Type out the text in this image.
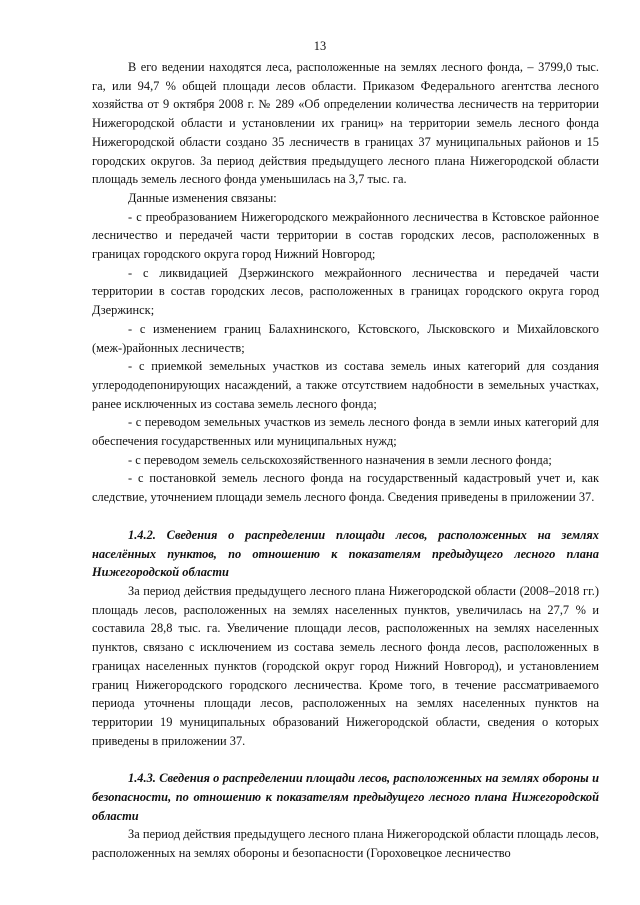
13

В его ведении находятся леса, расположенные на землях лесного фонда, – 3799,0 тыс. га, или 94,7 % общей площади лесов области. Приказом Федерального агентства лесного хозяйства от 9 октября 2008 г. № 289 «Об определении количества лесничеств на территории Нижегородской области и установлении их границ» на территории земель лесного фонда Нижегородской области создано 35 лесничеств в границах 37 муниципальных районов и 15 городских округов. За период действия предыдущего лесного плана Нижегородской области площадь земель лесного фонда уменьшилась на 3,7 тыс. га.

Данные изменения связаны:

- с преобразованием Нижегородского межрайонного лесничества в Кстовское районное лесничество и передачей части территории в состав городских лесов, расположенных в границах городского округа город Нижний Новгород;

- с ликвидацией Дзержинского межрайонного лесничества и передачей части территории в состав городских лесов, расположенных в границах городского округа город Дзержинск;

- с изменением границ Балахнинского, Кстовского, Лысковского и Михайловского (меж-)районных лесничеств;

- с приемкой земельных участков из состава земель иных категорий для создания углерододепонирующих насаждений, а также отсутствием надобности в земельных участках, ранее исключенных из состава земель лесного фонда;

- с переводом земельных участков из земель лесного фонда в земли иных категорий для обеспечения государственных или муниципальных нужд;

- с переводом земель сельскохозяйственного назначения в земли лесного фонда;

- с постановкой земель лесного фонда на государственный кадастровый учет и, как следствие, уточнением площади земель лесного фонда. Сведения приведены в приложении 37.

1.4.2. Сведения о распределении площади лесов, расположенных на землях населённых пунктов, по отношению к показателям предыдущего лесного плана Нижегородской области

За период действия предыдущего лесного плана Нижегородской области (2008–2018 гг.) площадь лесов, расположенных на землях населенных пунктов, увеличилась на 27,7 % и составила 28,8 тыс. га. Увеличение площади лесов, расположенных на землях населенных пунктов, связано с исключением из состава земель лесного фонда лесов, расположенных в границах населенных пунктов (городской округ город Нижний Новгород), и установлением границ Нижегородского городского лесничества. Кроме того, в течение рассматриваемого периода уточнены площади лесов, расположенных на землях населенных пунктов на территории 19 муниципальных образований Нижегородской области, сведения о которых приведены в приложении 37.

1.4.3. Сведения о распределении площади лесов, расположенных на землях обороны и безопасности, по отношению к показателям предыдущего лесного плана Нижегородской области

За период действия предыдущего лесного плана Нижегородской области площадь лесов, расположенных на землях обороны и безопасности (Гороховецкое лесничество
